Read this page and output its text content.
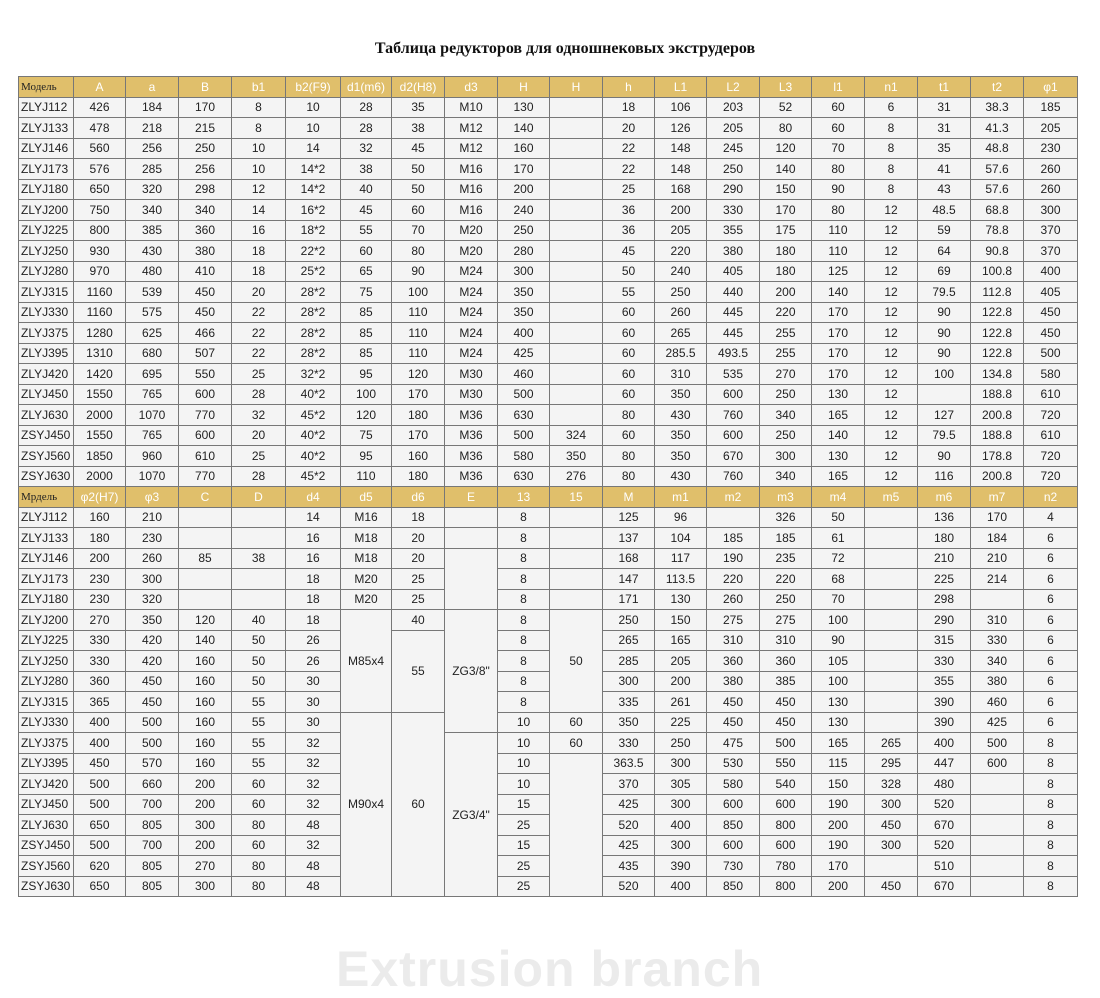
Таблица редукторов для одношнековых экструдеров
Модель	A	a	B	b1	b2(F9)	d1(m6)	d2(H8)	d3	H	H	h	L1	L2	L3	l1	n1	t1	t2	φ1
ZLYJ112	426	184	170	8	10	28	35	M10	130		18	106	203	52	60	6	31	38.3	185
ZLYJ133	478	218	215	8	10	28	38	M12	140		20	126	205	80	60	8	31	41.3	205
ZLYJ146	560	256	250	10	14	32	45	M12	160		22	148	245	120	70	8	35	48.8	230
ZLYJ173	576	285	256	10	14*2	38	50	M16	170		22	148	250	140	80	8	41	57.6	260
ZLYJ180	650	320	298	12	14*2	40	50	M16	200		25	168	290	150	90	8	43	57.6	260
ZLYJ200	750	340	340	14	16*2	45	60	M16	240		36	200	330	170	80	12	48.5	68.8	300
ZLYJ225	800	385	360	16	18*2	55	70	M20	250		36	205	355	175	110	12	59	78.8	370
ZLYJ250	930	430	380	18	22*2	60	80	M20	280		45	220	380	180	110	12	64	90.8	370
ZLYJ280	970	480	410	18	25*2	65	90	M24	300		50	240	405	180	125	12	69	100.8	400
ZLYJ315	1160	539	450	20	28*2	75	100	M24	350		55	250	440	200	140	12	79.5	112.8	405
ZLYJ330	1160	575	450	22	28*2	85	110	M24	350		60	260	445	220	170	12	90	122.8	450
ZLYJ375	1280	625	466	22	28*2	85	110	M24	400		60	265	445	255	170	12	90	122.8	450
ZLYJ395	1310	680	507	22	28*2	85	110	M24	425		60	285.5	493.5	255	170	12	90	122.8	500
ZLYJ420	1420	695	550	25	32*2	95	120	M30	460		60	310	535	270	170	12	100	134.8	580
ZLYJ450	1550	765	600	28	40*2	100	170	M30	500		60	350	600	250	130	12		188.8	610
ZLYJ630	2000	1070	770	32	45*2	120	180	M36	630		80	430	760	340	165	12	127	200.8	720
ZSYJ450	1550	765	600	20	40*2	75	170	M36	500	324	60	350	600	250	140	12	79.5	188.8	610
ZSYJ560	1850	960	610	25	40*2	95	160	M36	580	350	80	350	670	300	130	12	90	178.8	720
ZSYJ630	2000	1070	770	28	45*2	110	180	M36	630	276	80	430	760	340	165	12	116	200.8	720
Мрдель	φ2(H7)	φ3	C	D	d4	d5	d6	E	13	15	M	m1	m2	m3	m4	m5	m6	m7	n2
ZLYJ112	160	210			14	M16	18		8		125	96		326	50		136	170	4
ZLYJ133	180	230			16	M18	20		8		137	104	185	185	61		180	184	6
ZLYJ146	200	260	85	38	16	M18	20		8		168	117	190	235	72		210	210	6
ZLYJ173	230	300			18	M20	25		8		147	113.5	220	220	68		225	214	6
ZLYJ180	230	320			18	M20	25		8		171	130	260	250	70		298		6
ZLYJ200	270	350	120	40	18	M85x4	40	ZG3/8"	8	50	250	150	275	275	100		290	310	6
ZLYJ225	330	420	140	50	26		55		8		265	165	310	310	90		315	330	6
ZLYJ250	330	420	160	50	26				8		285	205	360	360	105		330	340	6
ZLYJ280	360	450	160	50	30				8		300	200	380	385	100		355	380	6
ZLYJ315	365	450	160	55	30				8		335	261	450	450	130		390	460	6
ZLYJ330	400	500	160	55	30	M90x4	60		10	60	350	225	450	450	130		390	425	6
ZLYJ375	400	500	160	55	32			ZG3/4"	10	60	330	250	475	500	165	265	400	500	8
ZLYJ395	450	570	160	55	32				10		363.5	300	530	550	115	295	447	600	8
ZLYJ420	500	660	200	60	32				10		370	305	580	540	150	328	480		8
ZLYJ450	500	700	200	60	32				15		425	300	600	600	190	300	520		8
ZLYJ630	650	805	300	80	48				25		520	400	850	800	200	450	670		8
ZSYJ450	500	700	200	60	32				15		425	300	600	600	190	300	520		8
ZSYJ560	620	805	270	80	48				25		435	390	730	780	170		510		8
ZSYJ630	650	805	300	80	48				25		520	400	850	800	200	450	670		8
Extrusion branch
